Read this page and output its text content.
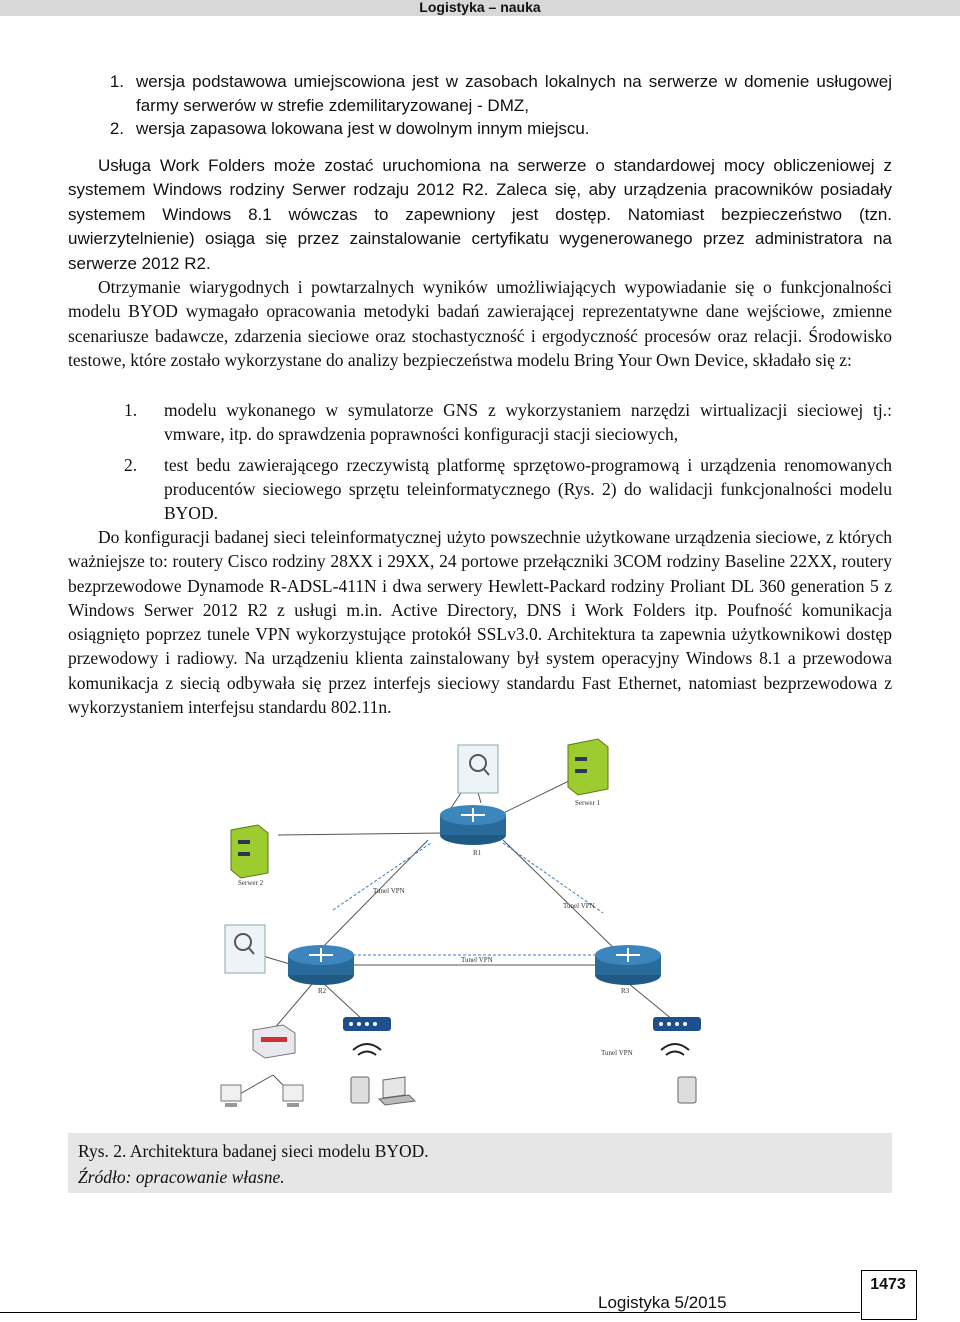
Logistyka – nauka
1. wersja podstawowa umiejscowiona jest w zasobach lokalnych na serwerze w domenie usługowej farmy serwerów w strefie zdemilitaryzowanej - DMZ,
2. wersja zapasowa lokowana jest w dowolnym innym miejscu.
Usługa Work Folders może zostać uruchomiona na serwerze o standardowej mocy obliczeniowej z systemem Windows rodziny Serwer rodzaju 2012 R2. Zaleca się, aby urządzenia pracowników posiadały systemem Windows 8.1 wówczas to zapewniony jest dostęp. Natomiast bezpieczeństwo (tzn. uwierzytelnienie) osiąga się przez zainstalowanie certyfikatu wygenerowanego przez administratora na serwerze 2012 R2.
Otrzymanie wiarygodnych i powtarzalnych wyników umożliwiających wypowiadanie się o funkcjonalności modelu BYOD wymagało opracowania metodyki badań zawierającej reprezentatywne dane wejściowe, zmienne scenariusze badawcze, zdarzenia sieciowe oraz stochastyczność i ergodyczność procesów oraz relacji. Środowisko testowe, które zostało wykorzystane do analizy bezpieczeństwa modelu Bring Your Own Device, składało się z:
1.	modelu wykonanego w symulatorze GNS z wykorzystaniem narzędzi wirtualizacji sieciowej tj.: vmware, itp. do sprawdzenia poprawności konfiguracji stacji sieciowych,
2.	test bedu zawierającego rzeczywistą platformę sprzętowo-programową i urządzenia renomowanych producentów sieciowego sprzętu teleinformatycznego (Rys. 2) do walidacji funkcjonalności modelu BYOD.
Do konfiguracji badanej sieci teleinformatycznej użyto powszechnie użytkowane urządzenia sieciowe, z których ważniejsze to: routery Cisco rodziny 28XX i 29XX, 24 portowe przełączniki 3COM rodziny Baseline 22XX, routery bezprzewodowe Dynamode R-ADSL-411N i dwa serwery Hewlett-Packard rodziny Proliant DL 360 generation 5 z Windows Serwer 2012 R2 z usługi m.in. Active Directory, DNS i Work Folders itp. Poufność komunikacja osiągnięto poprzez tunele VPN wykorzystujące protokół SSLv3.0. Architektura ta zapewnia użytkownikowi dostęp przewodowy i radiowy. Na urządzeniu klienta zainstalowany był system operacyjny Windows 8.1 a przewodowa komunikacja z siecią odbywała się przez interfejs sieciowy standardu Fast Ethernet, natomiast bezprzewodowa z wykorzystaniem interfejsu standardu 802.11n.
Serwer 1
R1
Serwer 2
Tunel VPN
Tunel VPN
Tunel VPN
R2	R3
Tunel VPN
Rys. 2. Architektura badanej sieci modelu BYOD.
Źródło: opracowanie własne.
Logistyka 5/2015
1473
